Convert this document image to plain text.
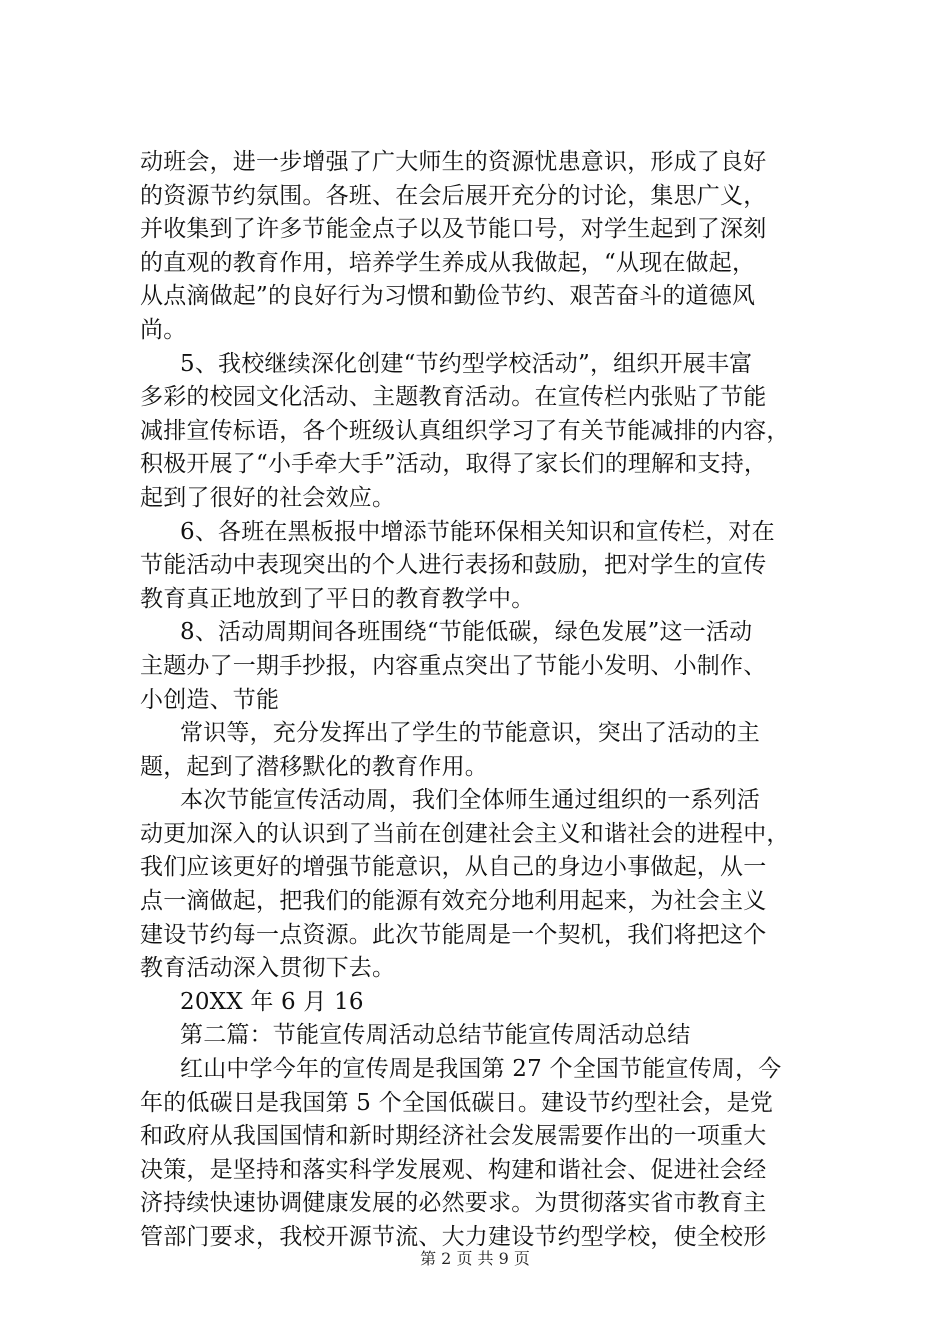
动班会，进一步增强了广大师生的资源忧患意识，形成了良好
的资源节约氛围。各班、在会后展开充分的讨论，集思广义，
并收集到了许多节能金点子以及节能口号，对学生起到了深刻
的直观的教育作用，培养学生养成从我做起，“从现在做起，
从点滴做起”的良好行为习惯和勤俭节约、艰苦奋斗的道德风
尚。

5、我校继续深化创建“节约型学校活动”，组织开展丰富
多彩的校园文化活动、主题教育活动。在宣传栏内张贴了节能
减排宣传标语，各个班级认真组织学习了有关节能减排的内容，
积极开展了“小手牵大手”活动，取得了家长们的理解和支持，
起到了很好的社会效应。

6、各班在黑板报中增添节能环保相关知识和宣传栏，对在
节能活动中表现突出的个人进行表扬和鼓励，把对学生的宣传
教育真正地放到了平日的教育教学中。

8、活动周期间各班围绕“节能低碳，绿色发展”这一活动
主题办了一期手抄报，内容重点突出了节能小发明、小制作、
小创造、节能

常识等，充分发挥出了学生的节能意识，突出了活动的主
题，起到了潜移默化的教育作用。

本次节能宣传活动周，我们全体师生通过组织的一系列活
动更加深入的认识到了当前在创建社会主义和谐社会的进程中，
我们应该更好的增强节能意识，从自己的身边小事做起，从一
点一滴做起，把我们的能源有效充分地利用起来，为社会主义
建设节约每一点资源。此次节能周是一个契机，我们将把这个
教育活动深入贯彻下去。

20XX 年 6 月 16

第二篇：节能宣传周活动总结节能宣传周活动总结

红山中学今年的宣传周是我国第 27 个全国节能宣传周，今
年的低碳日是我国第 5 个全国低碳日。建设节约型社会，是党
和政府从我国国情和新时期经济社会发展需要作出的一项重大
决策，是坚持和落实科学发展观、构建和谐社会、促进社会经
济持续快速协调健康发展的必然要求。为贯彻落实省市教育主
管部门要求，我校开源节流、大力建设节约型学校，使全校形

第 2 页 共 9 页
